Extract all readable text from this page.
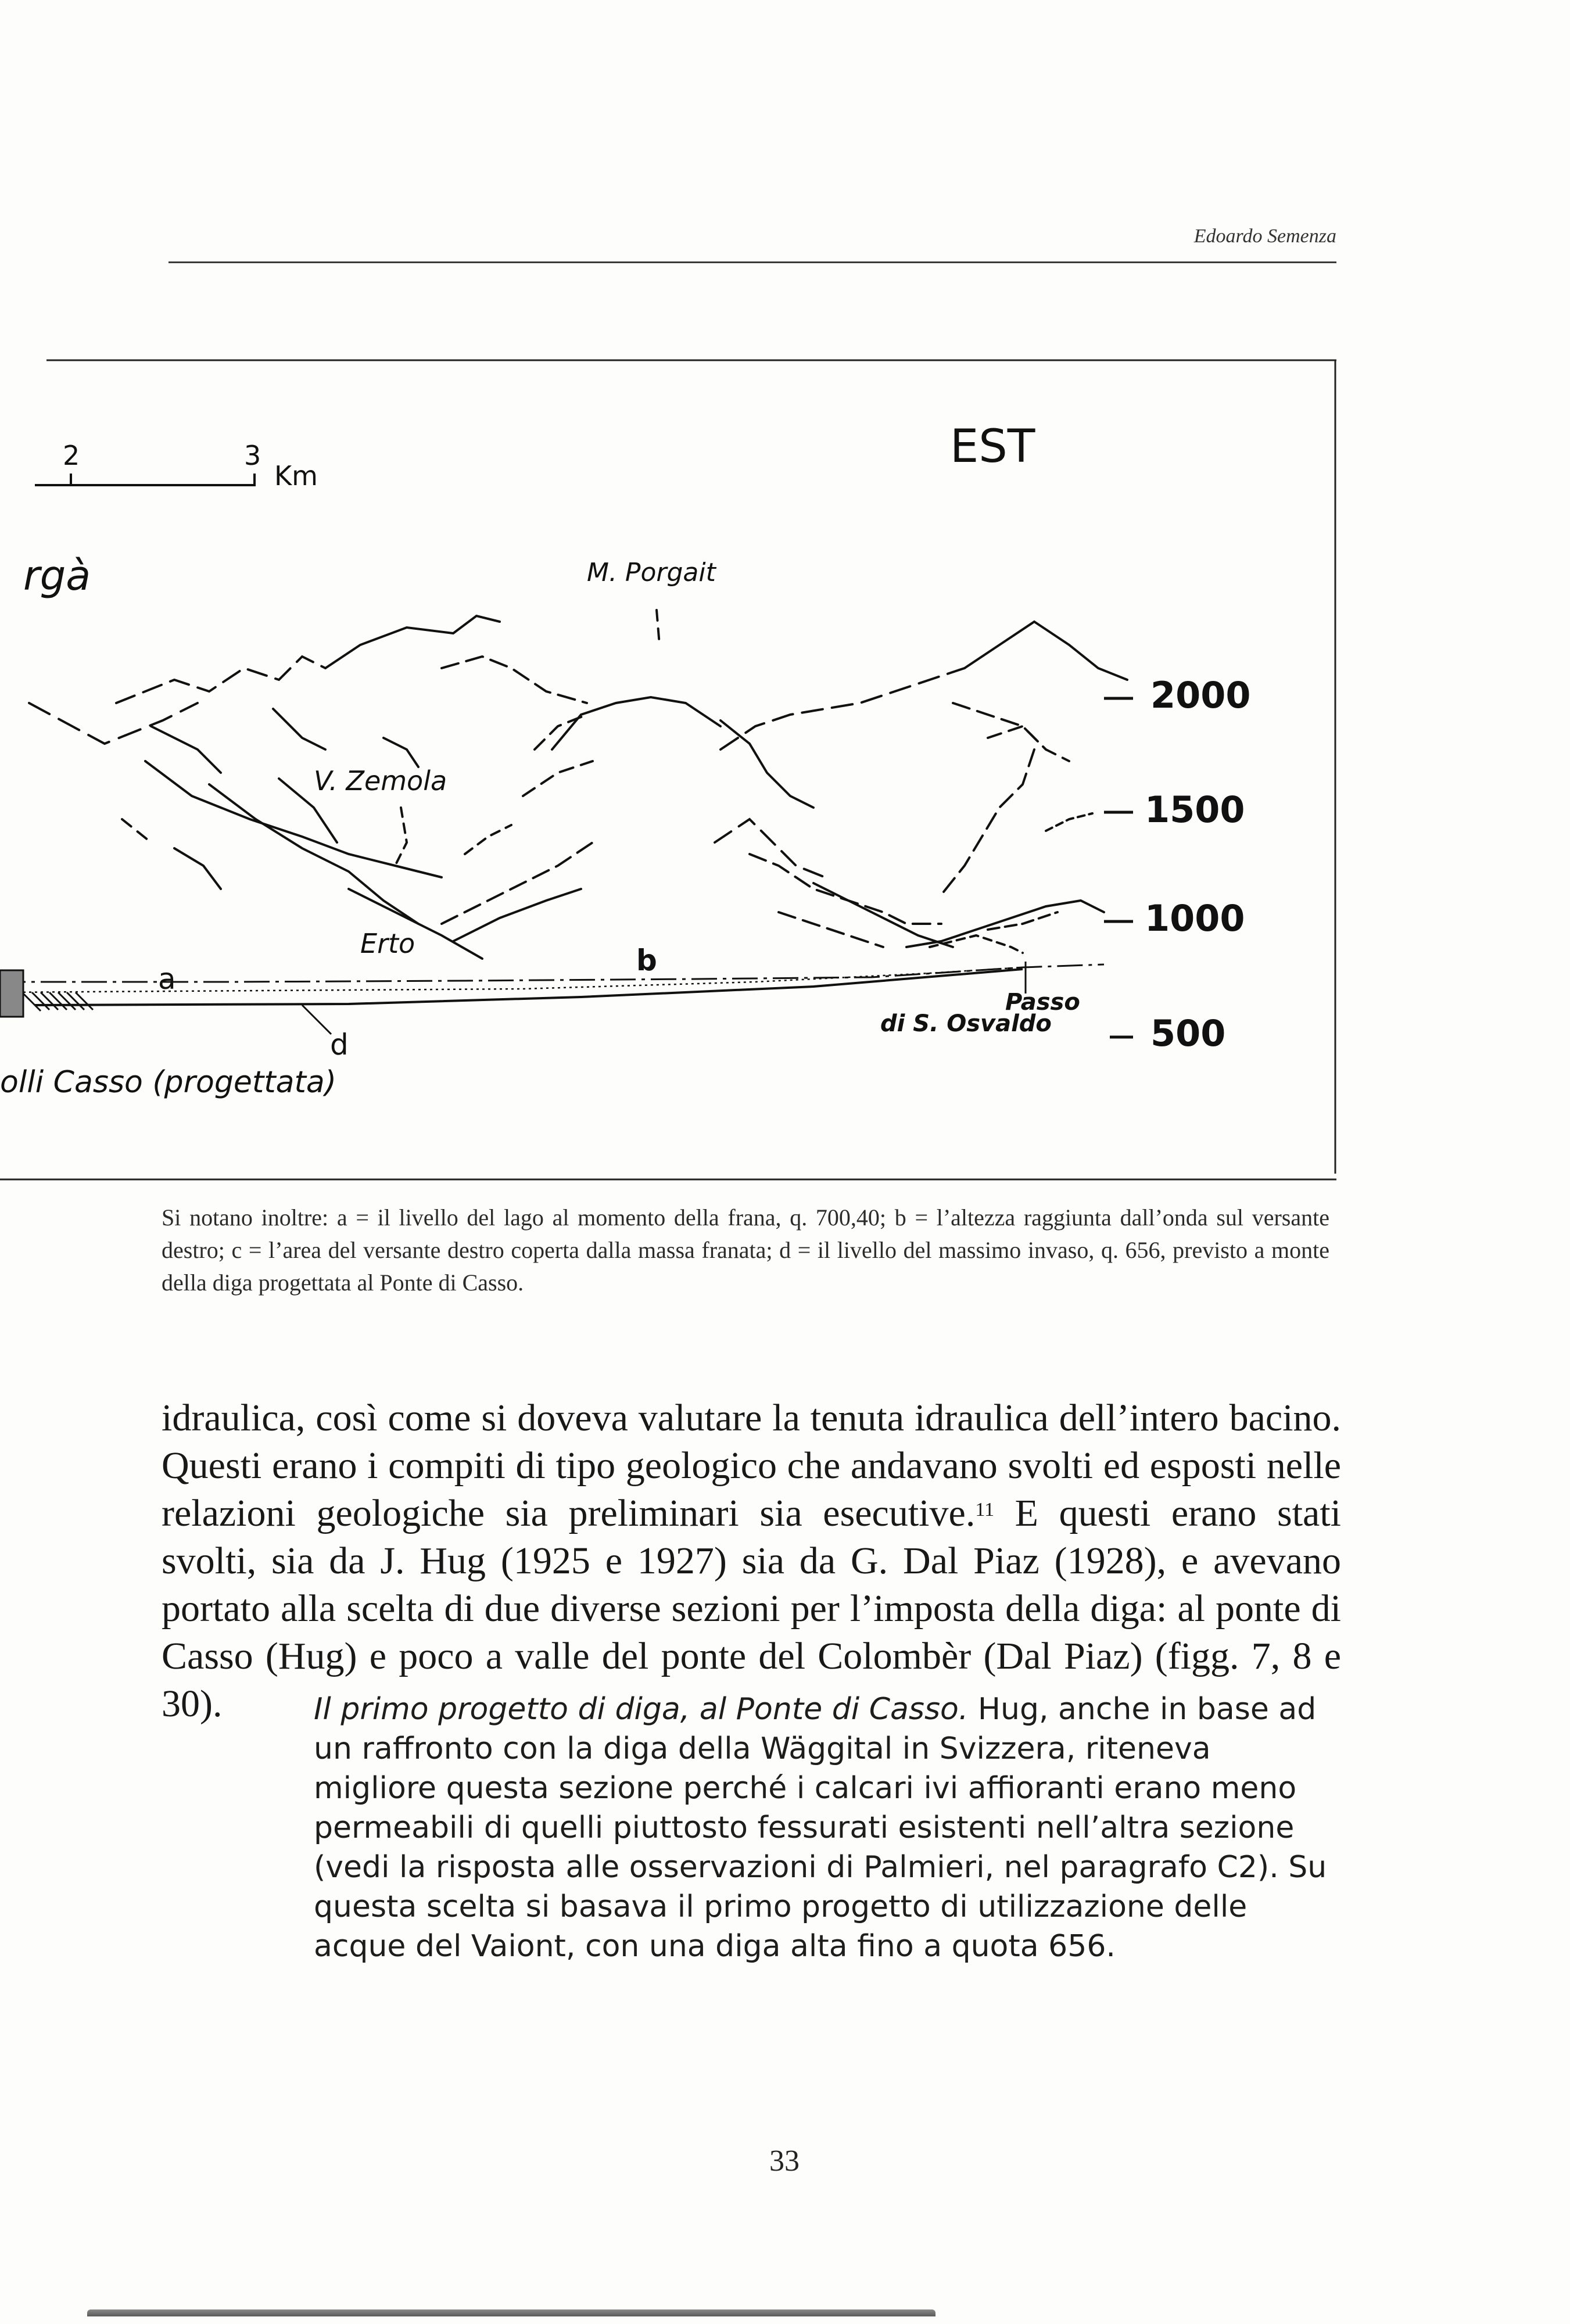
Edoardo Semenza
2	3
Km
EST
rgà	M. Porgait
V. Zemola
Erto
a
b
d
Passo
di S. Osvaldo
olli Casso (progettata)
2000
1500
1000
500
Si notano inoltre: a = il livello del lago al momento della frana, q. 700,40; b = l’altezza raggiunta dall’onda sul versante destro; c = l’area del versante destro coperta dalla massa franata; d = il livello del massimo invaso, q. 656, previsto a monte della diga progettata al Ponte di Casso.
idraulica, così come si doveva valutare la tenuta idraulica dell’intero bacino. Questi erano i compiti di tipo geologico che andavano svolti ed esposti nelle relazioni geologiche sia preliminari sia esecutive.$^{11}$ E questi erano stati svolti, sia da J. Hug (1925 e 1927) sia da G. Dal Piaz (1928), e avevano portato alla scelta di due diverse sezioni per l’imposta della diga: al ponte di Casso (Hug) e poco a valle del ponte del Colombèr (Dal Piaz) (figg. 7, 8 e 30).	Il primo progetto di diga, al Ponte di Casso. Hug, anche in base ad un raffronto con la diga della Wäggital in Svizzera, riteneva migliore questa sezione perché i calcari ivi affioranti erano meno permeabili di quelli piuttosto fessurati esistenti nell’altra sezione (vedi la risposta alle osservazioni di Palmieri, nel paragrafo C2). Su questa scelta si basava il primo progetto di utilizzazione delle acque del Vaiont, con una diga alta fino a quota 656.
33
